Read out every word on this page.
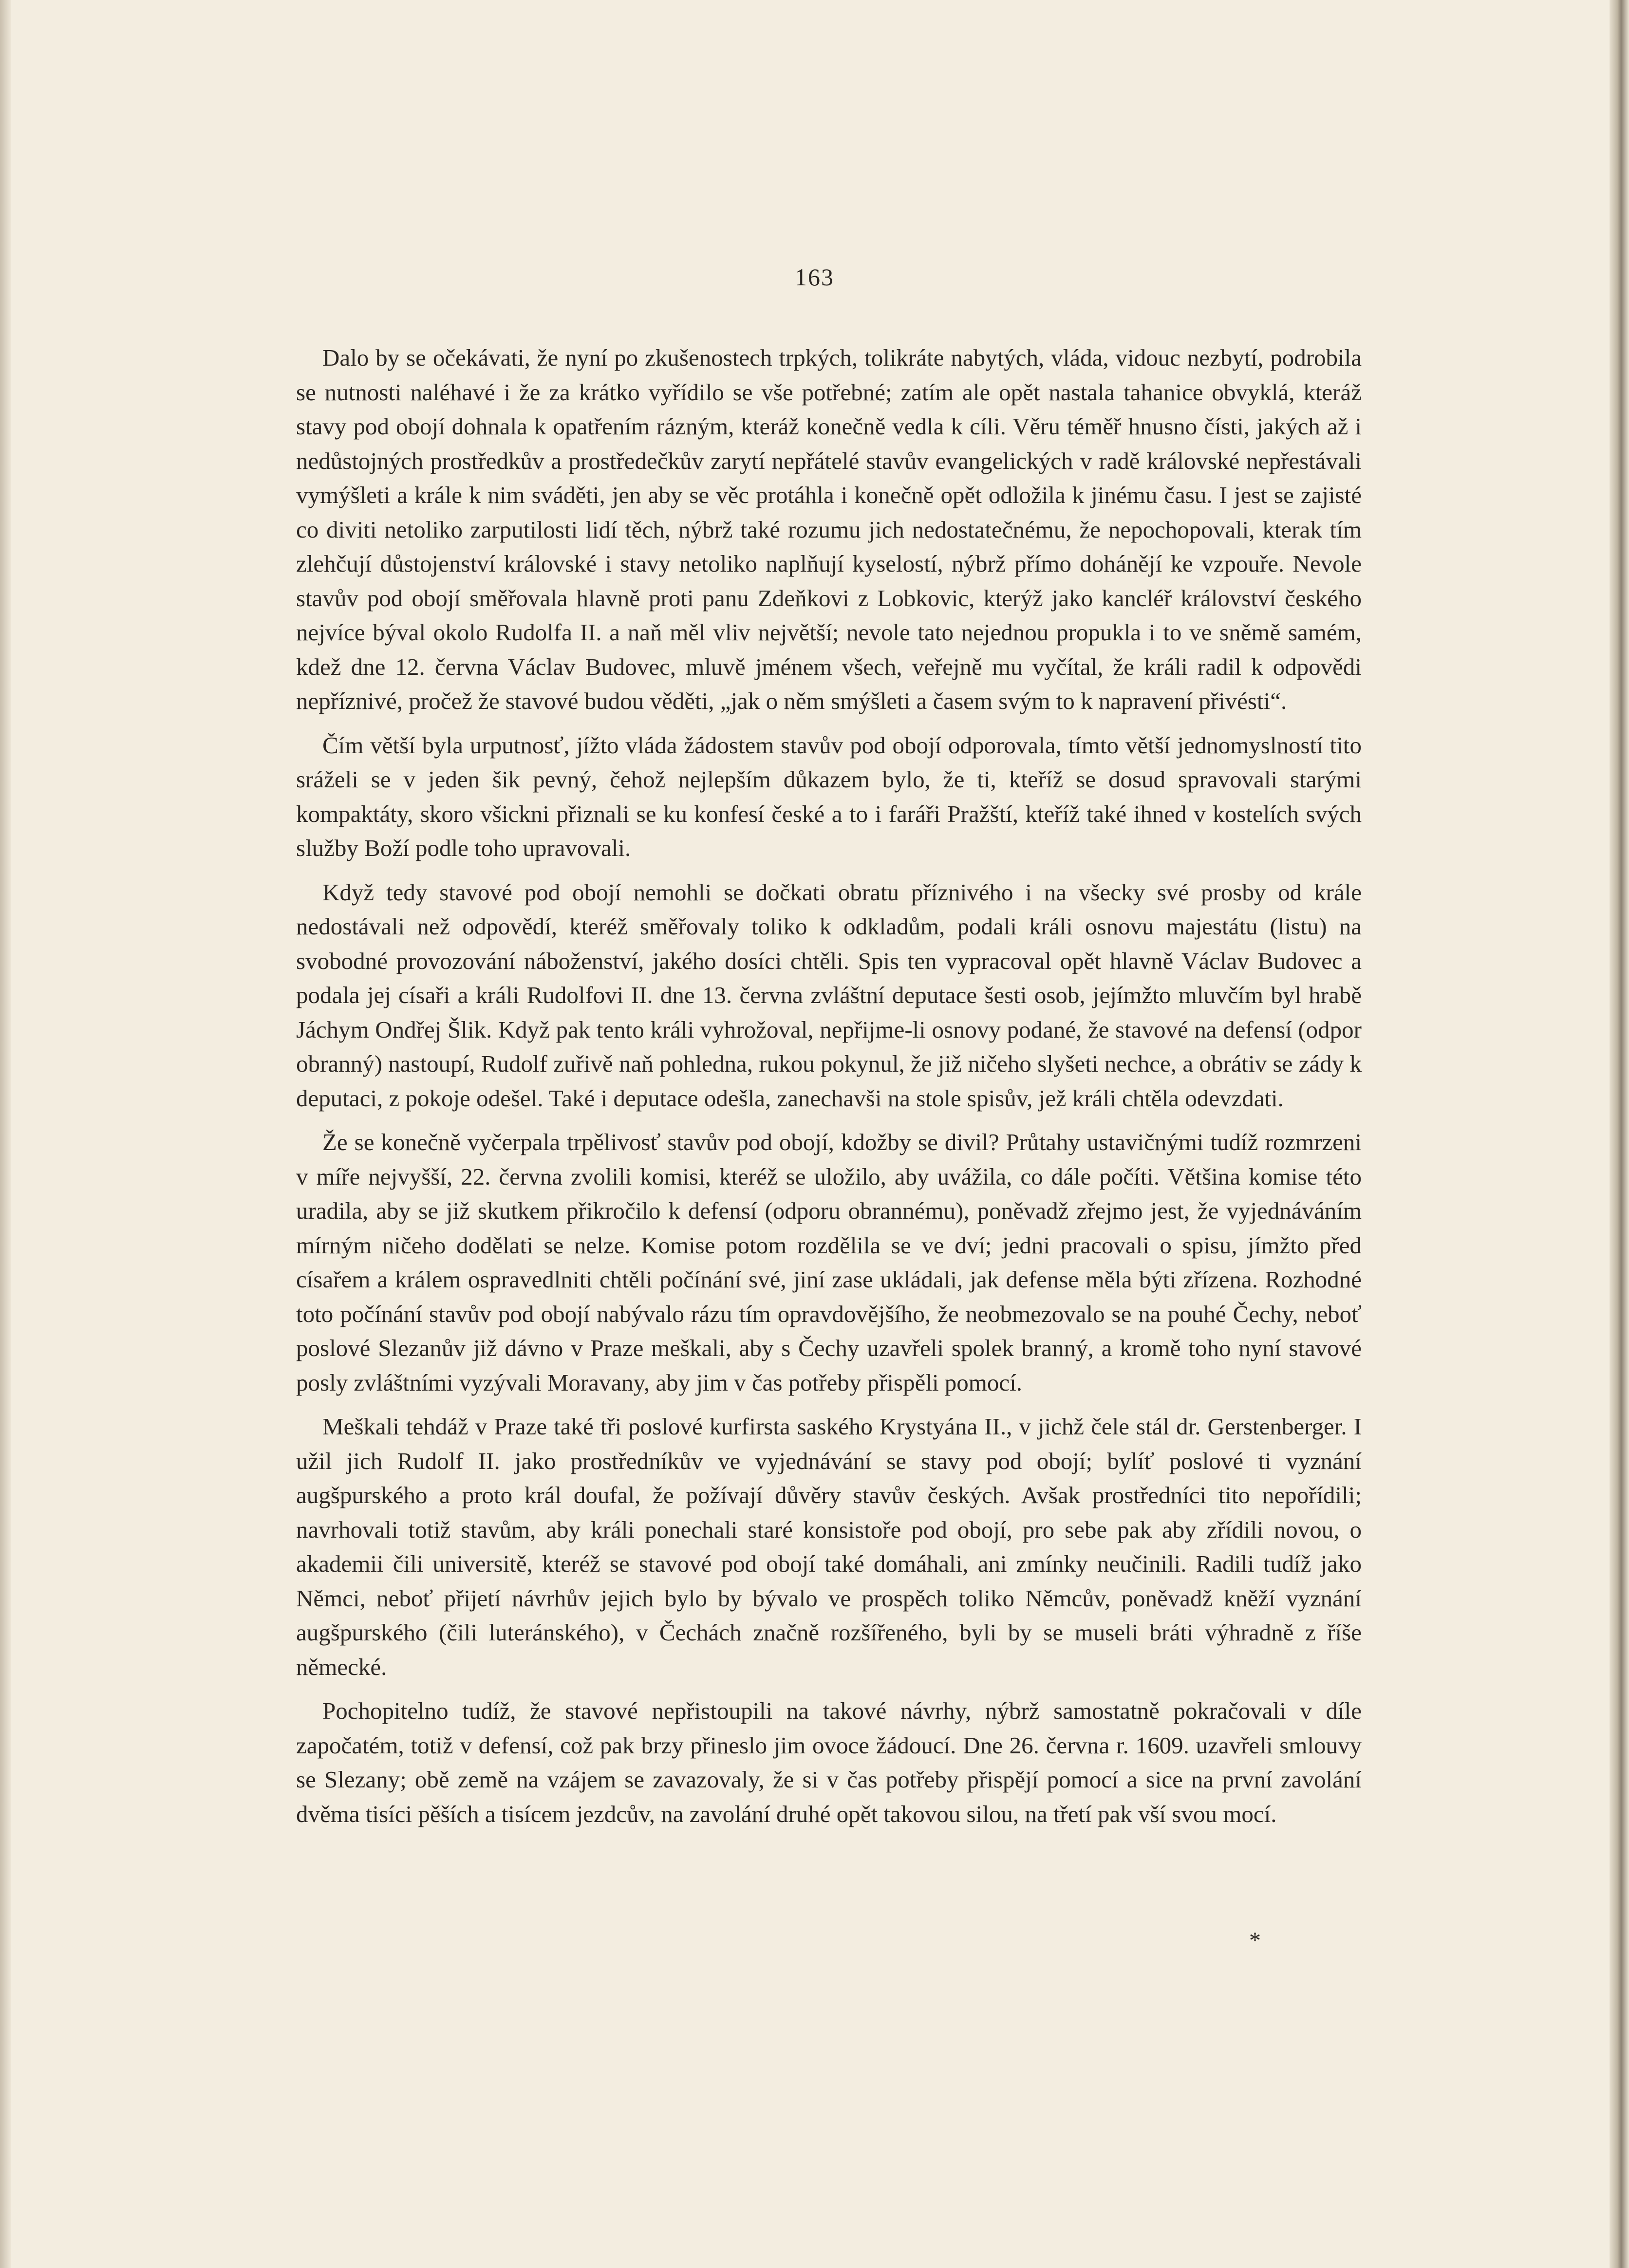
163

Dalo by se očekávati, že nyní po zkušenostech trpkých, tolikráte nabytých, vláda, vidouc nezbytí, podrobila se nutnosti naléhavé i že za krátko vyřídilo se vše potřebné; zatím ale opět nastala tahanice obvyklá, kteráž stavy pod obojí dohnala k opatřením rázným, kteráž konečně vedla k cíli. Věru téměř hnusno čísti, jakých až i nedůstojných prostředkův a prostředečkův zarytí nepřátelé stavův evangelických v radě královské nepřestávali vymýšleti a krále k nim sváděti, jen aby se věc protáhla i konečně opět odložila k jinému času. I jest se zajisté co diviti netoliko zarputilosti lidí těch, nýbrž také rozumu jich nedostatečnému, že nepochopovali, kterak tím zlehčují důstojenství královské i stavy netoliko naplňují kyselostí, nýbrž přímo dohánějí ke vzpouře. Nevole stavův pod obojí směřovala hlavně proti panu Zdeňkovi z Lobkovic, kterýž jako kancléř království českého nejvíce býval okolo Rudolfa II. a naň měl vliv největší; nevole tato nejednou propukla i to ve sněmě samém, kdež dne 12. června Václav Budovec, mluvě jménem všech, veřejně mu vyčítal, že králi radil k odpovědi nepříznivé, pročež že stavové budou věděti, „jak o něm smýšleti a časem svým to k napravení přivésti“.

Čím větší byla urputnosť, jížto vláda žádostem stavův pod obojí odporovala, tímto větší jednomyslností tito sráželi se v jeden šik pevný, čehož nejlepším důkazem bylo, že ti, kteříž se dosud spravovali starými kompaktáty, skoro všickni přiznali se ku konfesí české a to i faráři Pražští, kteříž také ihned v kostelích svých služby Boží podle toho upravovali.

Když tedy stavové pod obojí nemohli se dočkati obratu příznivého i na všecky své prosby od krále nedostávali než odpovědí, kteréž směřovaly toliko k odkladům, podali králi osnovu majestátu (listu) na svobodné provozování náboženství, jakého dosíci chtěli. Spis ten vypracoval opět hlavně Václav Budovec a podala jej císaři a králi Rudolfovi II. dne 13. června zvláštní deputace šesti osob, jejímžto mluvčím byl hrabě Jáchym Ondřej Šlik. Když pak tento králi vyhrožoval, nepřijme-li osnovy podané, že stavové na defensí (odpor obranný) nastoupí, Rudolf zuřivě naň pohledna, rukou pokynul, že již ničeho slyšeti nechce, a obrátiv se zády k deputaci, z pokoje odešel. Také i deputace odešla, zanechavši na stole spisův, jež králi chtěla odevzdati.

Že se konečně vyčerpala trpělivosť stavův pod obojí, kdožby se divil? Průtahy ustavičnými tudíž rozmrzeni v míře nejvyšší, 22. června zvolili komisi, kteréž se uložilo, aby uvážila, co dále počíti. Většina komise této uradila, aby se již skutkem přikročilo k defensí (odporu obrannému), poněvadž zřejmo jest, že vyjednáváním mírným ničeho dodělati se nelze. Komise potom rozdělila se ve dví; jedni pracovali o spisu, jímžto před císařem a králem ospravedlniti chtěli počínání své, jiní zase ukládali, jak defense měla býti zřízena. Rozhodné toto počínání stavův pod obojí nabývalo rázu tím opravdovějšího, že neobmezovalo se na pouhé Čechy, neboť poslové Slezanův již dávno v Praze meškali, aby s Čechy uzavřeli spolek branný, a kromě toho nyní stavové posly zvláštními vyzývali Moravany, aby jim v čas potřeby přispěli pomocí.

Meškali tehdáž v Praze také tři poslové kurfirsta saského Krystyána II., v jichž čele stál dr. Gerstenberger. I užil jich Rudolf II. jako prostředníkův ve vyjednávání se stavy pod obojí; bylíť poslové ti vyznání augšpurského a proto král doufal, že požívají důvěry stavův českých. Avšak prostředníci tito nepořídili; navrhovali totiž stavům, aby králi ponechali staré konsistoře pod obojí, pro sebe pak aby zřídili novou, o akademii čili universitě, kteréž se stavové pod obojí také domáhali, ani zmínky neučinili. Radili tudíž jako Němci, neboť přijetí návrhův jejich bylo by bývalo ve prospěch toliko Němcův, poněvadž kněží vyznání augšpurského (čili luteránského), v Čechách značně rozšířeného, byli by se museli bráti výhradně z říše německé.

Pochopitelno tudíž, že stavové nepřistoupili na takové návrhy, nýbrž samostatně pokračovali v díle započatém, totiž v defensí, což pak brzy přineslo jim ovoce žádoucí. Dne 26. června r. 1609. uzavřeli smlouvy se Slezany; obě země na vzájem se zavazovaly, že si v čas potřeby přispějí pomocí a sice na první zavolání dvěma tisíci pěších a tisícem jezdcův, na zavolání druhé opět takovou silou, na třetí pak vší svou mocí.

*
